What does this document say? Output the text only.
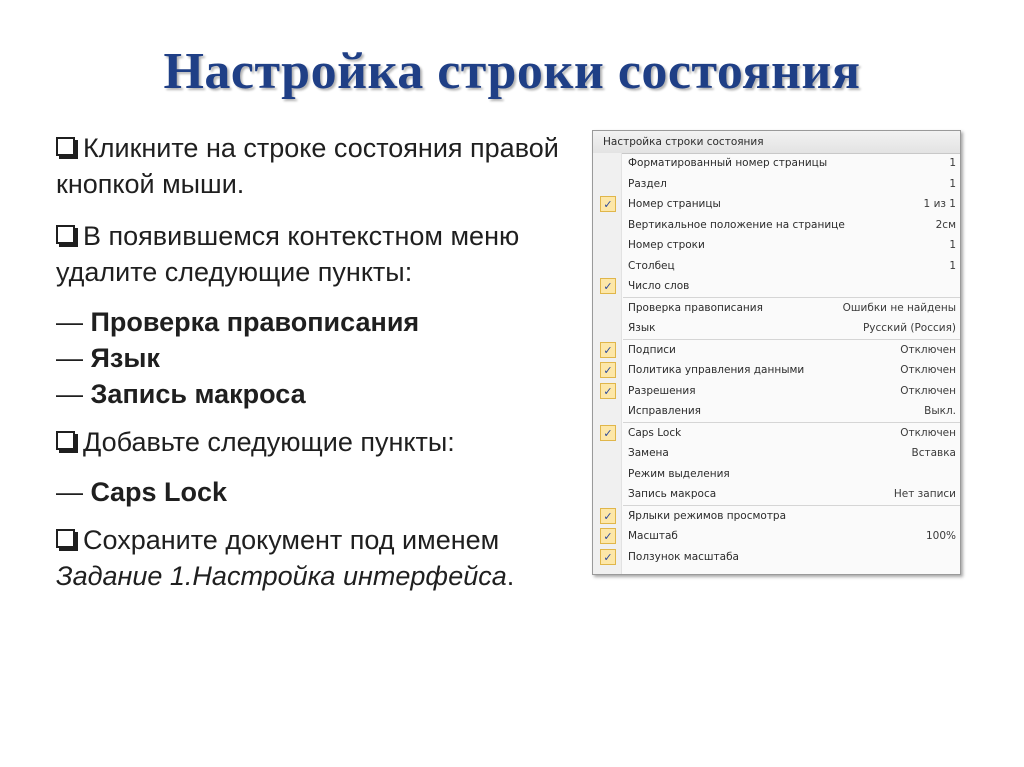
Настройка строки состояния
Кликните на строке состояния правой кнопкой мыши.
В появившемся контекстном меню удалите следующие пункты:
— Проверка правописания
— Язык
— Запись макроса
Добавьте следующие пункты:
— Caps Lock
Сохраните документ под именем Задание 1.Настройка интерфейса.
Настройка строки состояния
Форматированный номер страницы	1
Раздел	1
✓	Номер страницы	1 из 1
Вертикальное положение на странице	2см
Номер строки	1
Столбец	1
✓	Число слов
Проверка правописания	Ошибки не найдены
Язык	Русский (Россия)
✓	Подписи	Отключен
✓	Политика управления данными	Отключен
✓	Разрешения	Отключен
Исправления	Выкл.
✓	Caps Lock	Отключен
Замена	Вставка
Режим выделения
Запись макроса	Нет записи
✓	Ярлыки режимов просмотра
✓	Масштаб	100%
✓	Ползунок масштаба
